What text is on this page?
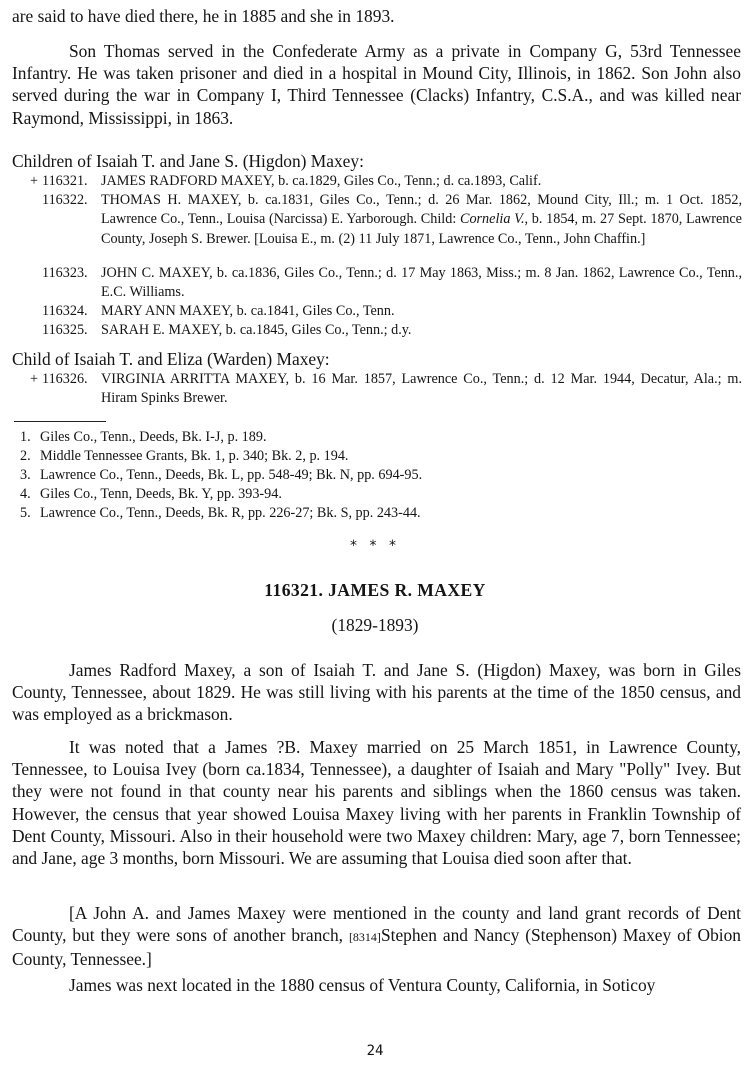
are said to have died there, he in 1885 and she in 1893.

Son Thomas served in the Confederate Army as a private in Company G, 53rd Tennessee Infantry. He was taken prisoner and died in a hospital in Mound City, Illinois, in 1862. Son John also served during the war in Company I, Third Tennessee (Clacks) Infantry, C.S.A., and was killed near Raymond, Mississippi, in 1863.

Children of Isaiah T. and Jane S. (Higdon) Maxey:

+ 116321. JAMES RADFORD MAXEY, b. ca.1829, Giles Co., Tenn.; d. ca.1893, Calif.
116322. THOMAS H. MAXEY, b. ca.1831, Giles Co., Tenn.; d. 26 Mar. 1862, Mound City, Ill.; m. 1 Oct. 1852, Lawrence Co., Tenn., Louisa (Narcissa) E. Yarborough. Child: Cornelia V., b. 1854, m. 27 Sept. 1870, Lawrence County, Joseph S. Brewer. [Louisa E., m. (2) 11 July 1871, Lawrence Co., Tenn., John Chaffin.]
116323. JOHN C. MAXEY, b. ca.1836, Giles Co., Tenn.; d. 17 May 1863, Miss.; m. 8 Jan. 1862, Lawrence Co., Tenn., E.C. Williams.
116324. MARY ANN MAXEY, b. ca.1841, Giles Co., Tenn.
116325. SARAH E. MAXEY, b. ca.1845, Giles Co., Tenn.; d.y.

Child of Isaiah T. and Eliza (Warden) Maxey:

+ 116326. VIRGINIA ARRITTA MAXEY, b. 16 Mar. 1857, Lawrence Co., Tenn.; d. 12 Mar. 1944, Decatur, Ala.; m. Hiram Spinks Brewer.
1. Giles Co., Tenn., Deeds, Bk. I-J, p. 189.
2. Middle Tennessee Grants, Bk. 1, p. 340; Bk. 2, p. 194.
3. Lawrence Co., Tenn., Deeds, Bk. L, pp. 548-49; Bk. N, pp. 694-95.
4. Giles Co., Tenn, Deeds, Bk. Y, pp. 393-94.
5. Lawrence Co., Tenn., Deeds, Bk. R, pp. 226-27; Bk. S, pp. 243-44.
* * *
116321. JAMES R. MAXEY
(1829-1893)

James Radford Maxey, a son of Isaiah T. and Jane S. (Higdon) Maxey, was born in Giles County, Tennessee, about 1829. He was still living with his parents at the time of the 1850 census, and was employed as a brickmason.

It was noted that a James ?B. Maxey married on 25 March 1851, in Lawrence County, Tennessee, to Louisa Ivey (born ca.1834, Tennessee), a daughter of Isaiah and Mary "Polly" Ivey. But they were not found in that county near his parents and siblings when the 1860 census was taken. However, the census that year showed Louisa Maxey living with her parents in Franklin Township of Dent County, Missouri. Also in their household were two Maxey children: Mary, age 7, born Tennessee; and Jane, age 3 months, born Missouri. We are assuming that Louisa died soon after that.

[A John A. and James Maxey were mentioned in the county and land grant records of Dent County, but they were sons of another branch, [8314]Stephen and Nancy (Stephenson) Maxey of Obion County, Tennessee.]

James was next located in the 1880 census of Ventura County, California, in Soticoy

24
